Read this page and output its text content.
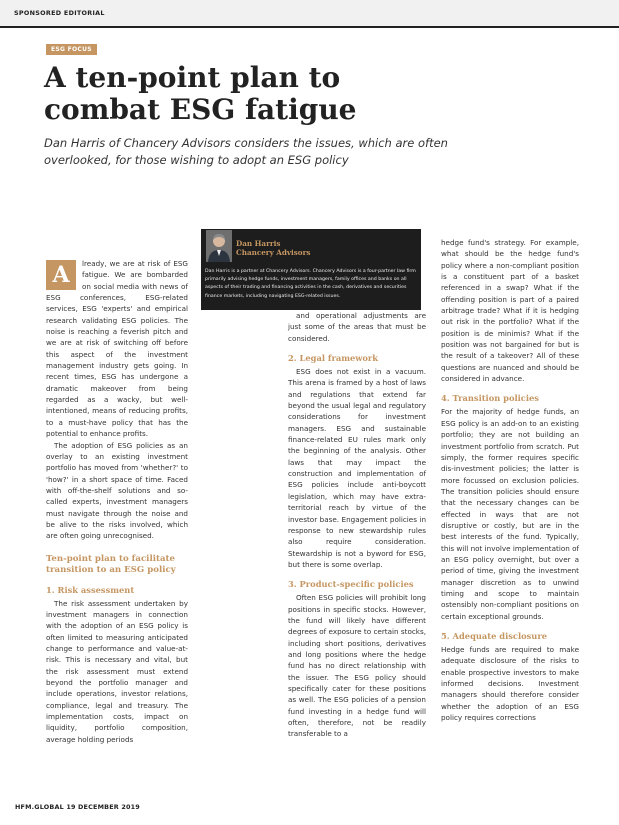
SPONSORED EDITORIAL
ESG FOCUS
A ten-point plan to combat ESG fatigue

Dan Harris of Chancery Advisors considers the issues, which are often overlooked, for those wishing to adopt an ESG policy

A	lready, we are at risk of ESG fatigue. We are bombarded on social media with news of ESG conferences, ESG-related services, ESG 'experts' and empirical research validating ESG policies. The noise is reaching a feverish pitch and we are at risk of switching off before this aspect of the investment management industry gets going. In recent times, ESG has undergone a dramatic makeover from being regarded as a wacky, but well-intentioned, means of reducing profits, to a must-have policy that has the potential to enhance profits.

The adoption of ESG policies as an overlay to an existing investment portfolio has moved from 'whether?' to 'how?' in a short space of time. Faced with off-the-shelf solutions and so-called experts, investment managers must navigate through the noise and be alive to the risks involved, which are often going unrecognised.

Ten-point plan to facilitate transition to an ESG policy

1. Risk assessment

The risk assessment undertaken by investment managers in connection with the adoption of an ESG policy is often limited to measuring anticipated change to performance and value-at-risk. This is necessary and vital, but the risk assessment must extend beyond the portfolio manager and include operations, investor relations, compliance, legal and treasury. The implementation costs, impact on liquidity, portfolio composition, average holding periods

Dan Harris
Chancery Advisors
Dan Harris is a partner at Chancery Advisors. Chancery Advisors is a four-partner law firm primarily advising hedge funds, investment managers, family offices and banks on all aspects of their trading and financing activities in the cash, derivatives and securities finance markets, including navigating ESG-related issues.

and operational adjustments are just some of the areas that must be considered.

2. Legal framework

ESG does not exist in a vacuum. This arena is framed by a host of laws and regulations that extend far beyond the usual legal and regulatory considerations for investment managers. ESG and sustainable finance-related EU rules mark only the beginning of the analysis. Other laws that may impact the construction and implementation of ESG policies include anti-boycott legislation, which may have extra-territorial reach by virtue of the investor base. Engagement policies in response to new stewardship rules also require consideration. Stewardship is not a byword for ESG, but there is some overlap.

3. Product-specific policies

Often ESG policies will prohibit long positions in specific stocks. However, the fund will likely have different degrees of exposure to certain stocks, including short positions, derivatives and long positions where the hedge fund has no direct relationship with the issuer. The ESG policy should specifically cater for these positions as well. The ESG policies of a pension fund investing in a hedge fund will often, therefore, not be readily transferable to a

hedge fund's strategy. For example, what should be the hedge fund's policy where a non-compliant position is a constituent part of a basket referenced in a swap? What if the offending position is part of a paired arbitrage trade? What if it is hedging out risk in the portfolio? What if the position is de minimis? What if the position was not bargained for but is the result of a takeover? All of these questions are nuanced and should be considered in advance.

4. Transition policies

For the majority of hedge funds, an ESG policy is an add-on to an existing portfolio; they are not building an investment portfolio from scratch. Put simply, the former requires specific dis-investment policies; the latter is more focussed on exclusion policies. The transition policies should ensure that the necessary changes can be effected in ways that are not disruptive or costly, but are in the best interests of the fund. Typically, this will not involve implementation of an ESG policy overnight, but over a period of time, giving the investment manager discretion as to unwind timing and scope to maintain ostensibly non-compliant positions on certain exceptional grounds.

5. Adequate disclosure

Hedge funds are required to make adequate disclosure of the risks to enable prospective investors to make informed decisions. Investment managers should therefore consider whether the adoption of an ESG policy requires corrections

HFM.GLOBAL 19 DECEMBER 2019
